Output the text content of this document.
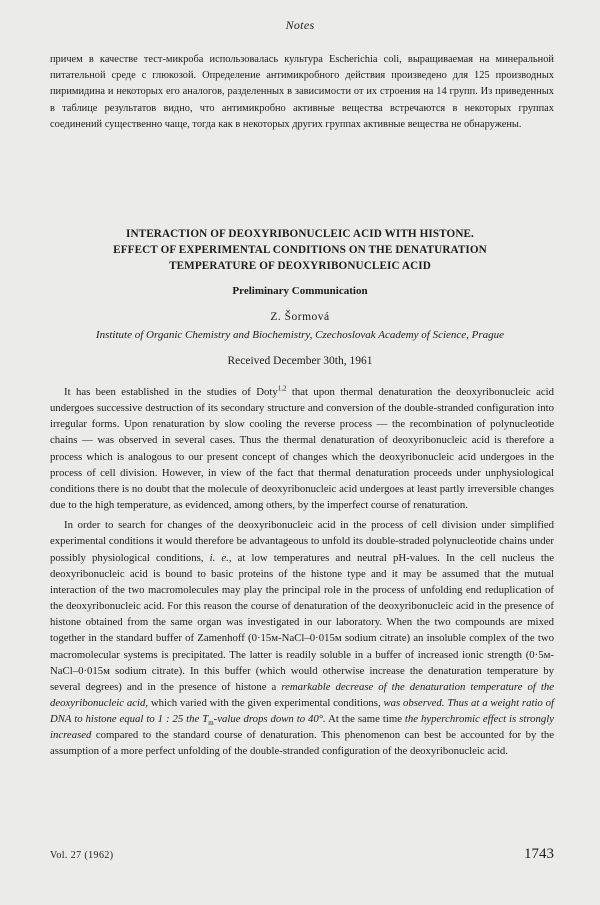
Notes

причем в качестве тест-микроба использовалась культура Escherichia coli, выращиваемая на минеральной питательной среде с глюкозой. Определение антимикробного действия произведено для 125 производных пиримидина и некоторых его аналогов, разделенных в зависимости от их строения на 14 групп. Из приведенных в таблице результатов видно, что антимикробно активные вещества встречаются в некоторых группах соединений существенно чаще, тогда как в некоторых других группах активные вещества не обнаружены.

INTERACTION OF DEOXYRIBONUCLEIC ACID WITH HISTONE.
EFFECT OF EXPERIMENTAL CONDITIONS ON THE DENATURATION
TEMPERATURE OF DEOXYRIBONUCLEIC ACID
Preliminary Communication
Z. Šormová
Institute of Organic Chemistry and Biochemistry, Czechoslovak Academy of Science, Prague
Received December 30th, 1961

It has been established in the studies of Doty$^{1,2}$ that upon thermal denaturation the deoxyribonucleic acid undergoes successive destruction of its secondary structure and conversion of the double-stranded configuration into irregular forms. Upon renaturation by slow cooling the reverse process — the recombination of polynucleotide chains — was observed in several cases. Thus the thermal denaturation of deoxyribonucleic acid is therefore a process which is analogous to our present concept of changes which the deoxyribonucleic acid undergoes in the process of cell division. However, in view of the fact that thermal denaturation proceeds under unphysiological conditions there is no doubt that the molecule of deoxyribonucleic acid undergoes at least partly irreversible changes due to the high temperature, as evidenced, among others, by the imperfect course of renaturation.

In order to search for changes of the deoxyribonucleic acid in the process of cell division under simplified experimental conditions it would therefore be advantageous to unfold its double-straded polynucleotide chains under possibly physiological conditions, i. e., at low temperatures and neutral pH-values. In the cell nucleus the deoxyribonucleic acid is bound to basic proteins of the histone type and it may be assumed that the mutual interaction of the two macromolecules may play the principal role in the process of unfolding end reduplication of the deoxyribonucleic acid. For this reason the course of denaturation of the deoxyribonucleic acid in the presence of histone obtained from the same organ was investigated in our laboratory. When the two compounds are mixed together in the standard buffer of Zamenhoff (0·15м-NaCl–0·015м sodium citrate) an insoluble complex of the two macromolecular systems is precipitated. The latter is readily soluble in a buffer of increased ionic strength (0·5м-NaCl–0·015м sodium citrate). In this buffer (which would otherwise increase the denaturation temperature by several degrees) and in the presence of histone a remarkable decrease of the denaturation temperature of the deoxyribonucleic acid, which varied with the given experimental conditions, was observed. Thus at a weight ratio of DNA to histone equal to 1 : 25 the $T_m$-value drops down to 40°. At the same time the hyperchromic effect is strongly increased compared to the standard course of denaturation. This phenomenon can best be accounted for by the assumption of a more perfect unfolding of the double-stranded configuration of the deoxyribonucleic acid.

Vol. 27 (1962)	1743
